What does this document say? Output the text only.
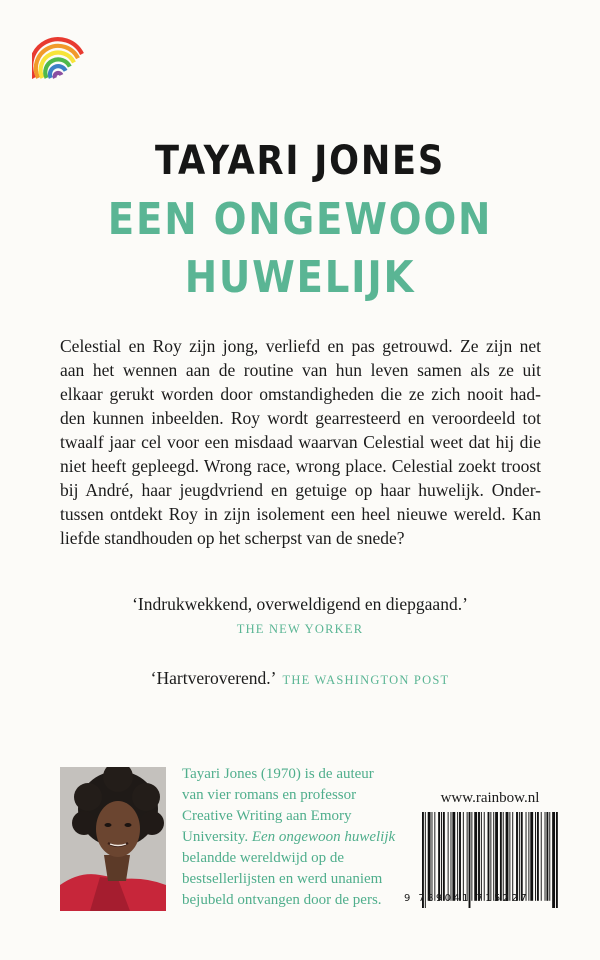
TAYARI JONES
EEN ONGEWOON
HUWELIJK
Celestial en Roy zijn jong, verliefd en pas getrouwd. Ze zijn net
aan het wennen aan de routine van hun leven samen als ze uit
elkaar gerukt worden door omstandigheden die ze zich nooit had-
den kunnen inbeelden. Roy wordt gearresteerd en veroordeeld tot
twaalf jaar cel voor een misdaad waarvan Celestial weet dat hij die
niet heeft gepleegd. Wrong race, wrong place. Celestial zoekt troost
bij André, haar jeugdvriend en getuige op haar huwelijk. Onder-
tussen ontdekt Roy in zijn isolement een heel nieuwe wereld. Kan
liefde standhouden op het scherpst van de snede?
‘Indrukwekkend, overweldigend en diepgaand.’
THE NEW YORKER
‘Hartveroverend.’ THE WASHINGTON POST
Tayari Jones (1970) is de auteur
van vier romans en professor
Creative Writing aan Emory
University. Een ongewoon huwelijk
belandde wereldwijd op de
bestsellerlijsten en werd unaniem
bejubeld ontvangen door de pers.
www.rainbow.nl
9 789041 715227
